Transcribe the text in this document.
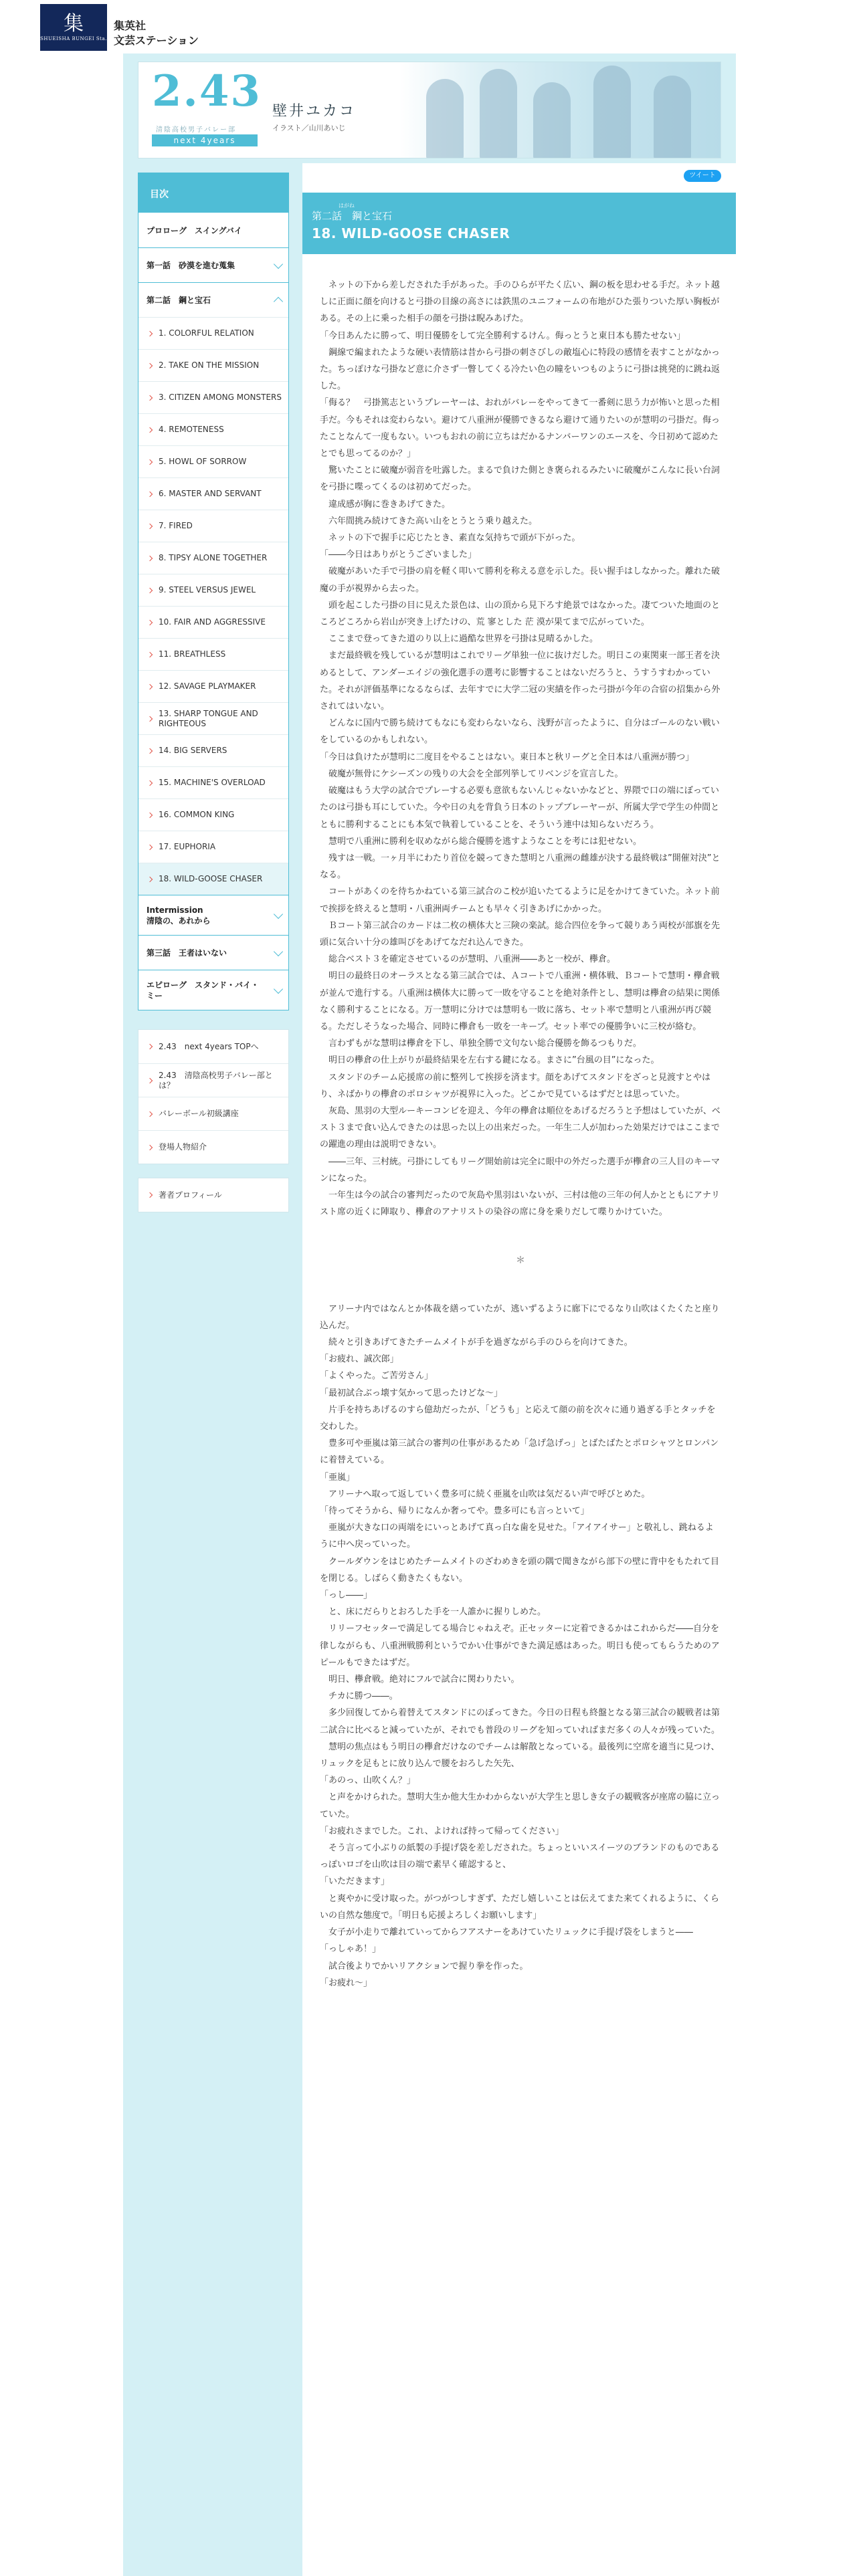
集
SHUEISHA BUNGEI Sta.
集英社
文芸ステーション
2.43
清陰高校男子バレー部
next 4years
壁井ユカコ
イラスト／山川あいじ
目次
プロローグ　スイングバイ
第一話　砂漠を進む蒐集
第二話　鋼と宝石
1. COLORFUL RELATION
2. TAKE ON THE MISSION
3. CITIZEN AMONG MONSTERS
4. REMOTENESS
5. HOWL OF SORROW
6. MASTER AND SERVANT
7. FIRED
8. TIPSY ALONE TOGETHER
9. STEEL VERSUS JEWEL
10. FAIR AND AGGRESSIVE
11. BREATHLESS
12. SAVAGE PLAYMAKER
13. SHARP TONGUE AND RIGHTEOUS
14. BIG SERVERS
15. MACHINE'S OVERLOAD
16. COMMON KING
17. EUPHORIA
18. WILD-GOOSE CHASER
Intermission
清陰の、あれから
第三話　王者はいない
エピローグ　スタンド・バイ・
ミー
2.43　next 4years TOPへ
2.43　清陰高校男子バレー部とは？
バレーボール初級講座
登場人物紹介
著者プロフィール
ツイート
はがね
第二話　鋼と宝石
18. WILD-GOOSE CHASER

ネットの下から差しだされた手があった。手のひらが平たく広い、鋼の板を思わせる手だ。ネット越しに正面に顔を向けると弓掛の目線の高さには鉄黒のユニフォームの布地がひた張りついた厚い胸板がある。その上に乗った相手の顔を弓掛は睨みあげた。

「今日あんたに勝って、明日優勝をして完全勝利するけん。侮っとうと東日本も勝たせない」

鋼線で編まれたような硬い表情筋は昔から弓掛の刺さびしの敵塩心に特段の感情を表すことがなかった。ちっぽけな弓掛など意に介さず一瞥してくる冷たい色の瞳をいつものように弓掛は挑発的に跳ね返した。

「侮る？　弓掛篤志というプレーヤーは、おれがバレーをやってきて一番剣に思う力が怖いと思った相手だ。今もそれは変わらない。避けて八重洲が優勝できるなら避けて通りたいのが慧明の弓掛だ。侮ったことなんて一度もない。いつもおれの前に立ちはだかるナンバーワンのエースを、今日初めて認めたとでも思ってるのか？」

驚いたことに破魔が弱音を吐露した。まるで負けた側とき褒られるみたいに破魔がこんなに長い台詞を弓掛に喋ってくるのは初めてだった。

違成感が胸に巻きあげてきた。

六年間挑み続けてきた高い山をとうとう乗り越えた。

ネットの下で握手に応じたとき、素直な気持ちで頭が下がった。

「――今日はありがとうございました」

破魔があいた手で弓掛の肩を軽く叩いて勝利を称える意を示した。長い握手はしなかった。離れた破魔の手が視界から去った。

頭を起こした弓掛の目に見えた景色は、山の頂から見下ろす絶景ではなかった。凄てついた地面のところどころから岩山が突き上げたけの、荒 寥とした 茫 漠が果てまで広がっていた。

ここまで登ってきた道のり以上に過酷な世界を弓掛は見晴るかした。

まだ最終戦を残しているが慧明はこれでリーグ単独一位に抜けだした。明日この東関東一部王者を決めるとして、アンダーエイジの強化選手の選考に影響することはないだろうと、うすうすわかっていた。それが評価基準になるならば、去年すでに大学二冠の実績を作った弓掛が今年の合宿の招集から外されてはいない。

どんなに国内で勝ち続けてもなにも変わらないなら、浅野が言ったように、自分はゴールのない戦いをしているのかもしれない。

「今日は負けたが慧明に二度目をやることはない。東日本と秋リーグと全日本は八重洲が勝つ」

破魔が無骨にケシーズンの残りの大会を全部列挙してリベンジを宣言した。

破魔はもう大学の試合でプレーする必要も意欲もないんじゃないかなどと、界隈で口の端にぼっていたのは弓掛も耳にしていた。今や日の丸を背負う日本のトップブレーヤーが、所属大学で学生の仲間とともに勝利することにも本気で執着していることを、そういう連中は知らないだろう。

慧明で八重洲に勝利を収めながら総合優勝を逃すようなことを考には犯せない。

残すは一戦。一ヶ月半にわたり首位を競ってきた慧明と八重洲の雌雄が決する最終戦は”開催対決”となる。

コートがあくのを待ちかねている第三試合のこ校が追いたてるように足をかけてきていた。ネット前で挨拶を終えると慧明・八重洲両チームとも早々く引きあげにかかった。

Ｂコート第三試合のカードは二枚の横体大と三険の楽試。総合四位を争って競りあう両校が部旗を先頭に気合い十分の雄叫びをあげてなだれ込んできた。

総合ベスト３を確定させているのが慧明、八重洲――あと一校が、欅倉。

明日の最終日のオーラスとなる第三試合では、Ａコートで八重洲・横体戦、Ｂコートで慧明・欅倉戦が並んで進行する。八重洲は横体大に勝って一敗を守ることを絶対条件とし、慧明は欅倉の結果に関係なく勝利することになる。万一慧明に分けでは慧明も一敗に落ち、セット率で慧明と八重洲が再び競る。ただしそうなった場合、同時に欅倉も一敗を一キープ。セット率での優勝争いに三校が絡む。

言わずもがな慧明は欅倉を下し、単独全勝で文句ない総合優勝を飾るつもりだ。

明日の欅倉の仕上がりが最終結果を左右する鍵になる。まさに”台風の目”になった。

スタンドのチーム応援席の前に整列して挨拶を済ます。顔をあげてスタンドをざっと見渡すとやはり、ネばかりの欅倉のポロシャツが視界に入った。どこかで見ているはずだとは思っていた。

灰島、黒羽の大型ルーキーコンビを迎え、今年の欅倉は順位をあげるだろうと予想はしていたが、ベスト３まで食い込んできたのは思った以上の出来だった。一年生二人が加わった効果だけではここまでの躍進の理由は説明できない。

――三年、三村統。弓掛にしてもリーグ開始前は完全に眼中の外だった選手が欅倉の三人目のキーマンになった。

一年生は今の試合の審判だったので灰島や黒羽はいないが、三村は他の三年の何人かとともにアナリスト席の近くに陣取り、欅倉のアナリストの染谷の席に身を乗りだして喋りかけていた。

＊

アリーナ内ではなんとか体裁を繕っていたが、逃いずるように廊下にでるなり山吹はくたくたと座り込んだ。

続々と引きあげてきたチームメイトが手を過ぎながら手のひらを向けてきた。

「お疲れ、誠次郎」

「よくやった。ご苦労さん」

「最初試合ぶっ壊す気かって思ったけどな～」

片手を持ちあげるのすら億劫だったが、「どうも」と応えて顔の前を次々に通り過ぎる手とタッチを交わした。

豊多可や亜嵐は第三試合の審判の仕事があるため「急げ急げっ」とばたばたとポロシャツとロンパンに着替えている。

「亜嵐」

アリーナへ取って返していく豊多可に続く亜嵐を山吹は気だるい声で呼びとめた。

「待ってそうから、帰りになんか奢ってや。豊多可にも言っといて」

亜嵐が大きな口の両端をにいっとあげて真っ白な歯を見せた。「アイアイサー」と敬礼し、跳ねるように中へ戻っていった。

クールダウンをはじめたチームメイトのざわめきを頭の隅で聞きながら部下の壁に背中をもたれて目を閉じる。しばらく動きたくもない。

「っし――」

と、床にだらりとおろした手を一人誰かに握りしめた。

リリーフセッターで満足してる場合じゃねえぞ。正セッターに定着できるかはこれからだ――自分を律しながらも、八重洲戦勝利というでかい仕事ができた満足感はあった。明日も使ってもらうためのアピールもできたはずだ。

明日、欅倉戦。絶対にフルで試合に関わりたい。

チカに勝つ――。

多少回復してから着替えてスタンドにのぼってきた。今日の日程も終盤となる第三試合の観戦者は第二試合に比べると減っていたが、それでも普段のリーグを知っていればまだ多くの人々が残っていた。

慧明の焦点はもう明日の欅倉だけなのでチームは解散となっている。最後列に空席を適当に見つけ、リュックを足もとに放り込んで腰をおろした矢先、

「あのっ、山吹くん？」

と声をかけられた。慧明大生か他大生かわからないが大学生と思しき女子の観戦客が座席の脇に立っていた。

「お疲れさまでした。これ、よければ持って帰ってください」

そう言って小ぶりの紙製の手提げ袋を差しだされた。ちょっといいスイーツのブランドのものであるっぽいロゴを山吹は目の端で素早く確認すると、

「いただきます」

と爽やかに受け取った。がつがつしすぎず、ただし嬉しいことは伝えてまた来てくれるように、くらいの自然な態度で。「明日も応援よろしくお願いします」

女子が小走りで離れていってからフアスナーをあけていたリュックに手提げ袋をしまうと――

「っしゃあ！」

試合後よりでかいリアクションで握り拳を作った。

「お疲れ～」
